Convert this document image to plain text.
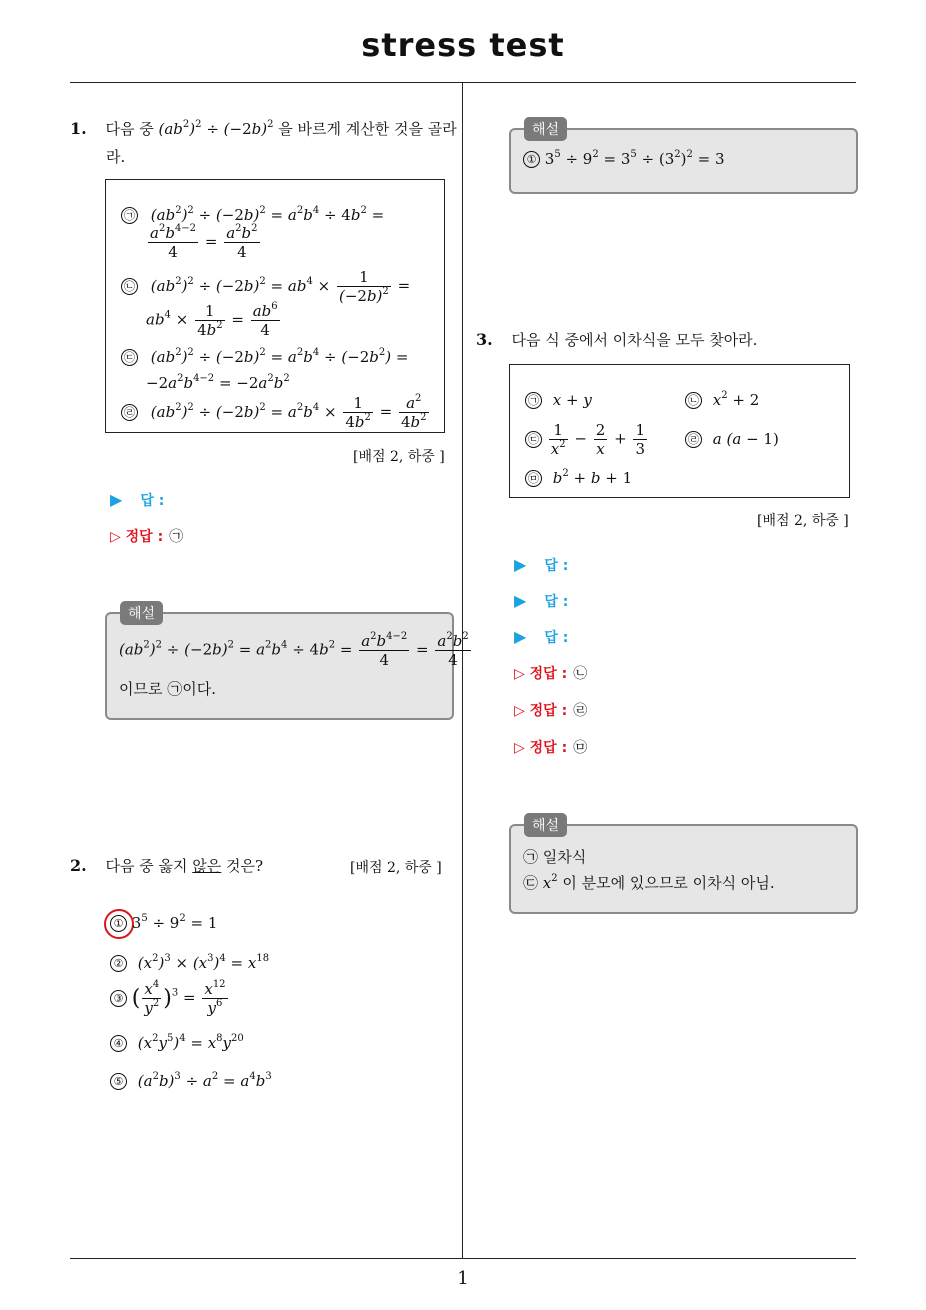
stress test
1
1. 다음 중 $(ab^2)^2 \div (-2b)^2$ 을 바르게 계산한 것을 골라
라.
㉠ $(ab^2)^2 \div (-2b)^2 = a^2b^4 \div 4b^2$ =
$\frac{a^2b^{4-2}}{4} = \frac{a^2b^2}{4}$
㉡ $(ab^2)^2 \div (-2b)^2 = ab^4 \times \frac{1}{(-2b)^2}$ =
$ab^4 \times \frac{1}{4b^2} = \frac{ab^6}{4}$
㉢ $(ab^2)^2 \div (-2b)^2 = a^2b^4 \div (-2b^2)$ =
$-2a^2b^{4-2} = -2a^2b^2$
㉣ $(ab^2)^2 \div (-2b)^2 = a^2b^4 \times \frac{1}{4b^2} = \frac{a^2}{4b^2}$
[배점 2, 하중 ]
▶ 답 :
▷ 정답 : ㉠
$(ab^2)^2 \div (-2b)^2 = a^2b^4 \div 4b^2 = \frac{a^2b^{4-2}}{4} = \frac{a^2b^2}{4}$
이므로 ㉠이다.
해설
2. 다음 중 옳지 않은 것은?	[배점 2, 하중 ]
① $3^5 \div 9^2 = 1$
② $(x^2)^3 \times (x^3)^4 = x^{18}$
③ ( $\frac{x^4}{y^2} )^3 = \frac{x^{12}}{y^6}$
④ $(x^2y^5)^4 = x^8y^{20}$
⑤ $(a^2b)^3 \div a^2 = a^4b^3$
① $3^5 \div 9^2 = 3^5 \div (3^2)^2 = 3$
해설
3. 다음 식 중에서 이차식을 모두 찾아라.
㉠ x + y	㉡ $x^2 + 2$
㉢ $\frac{1}{x^2} - \frac{2}{x} + \frac{1}{3}$	㉣ a (a − 1)
㉤ $b^2 + b + 1$
[배점 2, 하중 ]
▶ 답 :
▶ 답 :
▶ 답 :
▷ 정답 : ㉡
▷ 정답 : ㉣
▷ 정답 : ㉤
㉠ 일차식
㉢ $x^2$ 이 분모에 있으므로 이차식 아님.
해설
